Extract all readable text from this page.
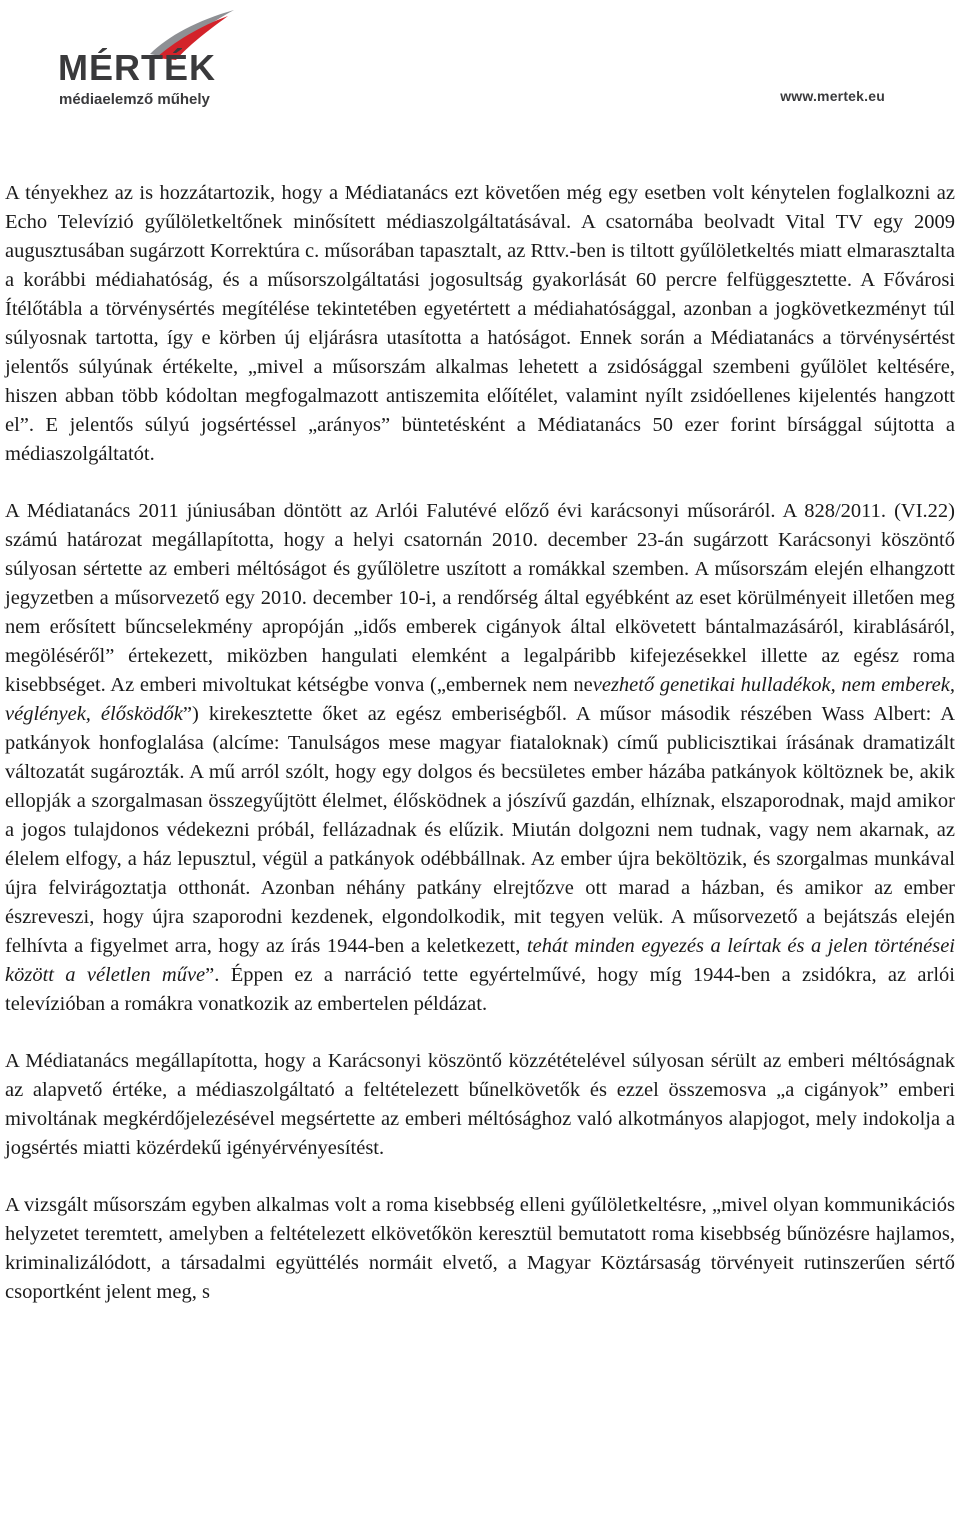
MÉRTÉK
médiaelemző műhely	www.mertek.eu

A tényekhez az is hozzátartozik, hogy a Médiatanács ezt követően még egy esetben volt kénytelen foglalkozni az Echo Televízió gyűlöletkeltőnek minősített médiaszolgáltatásával. A csatornába beolvadt Vital TV egy 2009 augusztusában sugárzott Korrektúra c. műsorában tapasztalt, az Rttv.-ben is tiltott gyűlöletkeltés miatt elmarasztalta a korábbi médiahatóság, és a műsorszolgáltatási jogosultság gyakorlását 60 percre felfüggesztette. A Fővárosi Ítélőtábla a törvénysértés megítélése tekintetében egyetértett a médiahatósággal, azonban a jogkövetkezményt túl súlyosnak tartotta, így e körben új eljárásra utasította a hatóságot. Ennek során a Médiatanács a törvénysértést jelentős súlyúnak értékelte, „mivel a műsorszám alkalmas lehetett a zsidósággal szembeni gyűlölet keltésére, hiszen abban több kódoltan megfogalmazott antiszemita előítélet, valamint nyílt zsidóellenes kijelentés hangzott el”. E jelentős súlyú jogsértéssel „arányos” büntetésként a Médiatanács 50 ezer forint bírsággal sújtotta a médiaszolgáltatót.

A Médiatanács 2011 júniusában döntött az Arlói Falutévé előző évi karácsonyi műsoráról. A 828/2011. (VI.22) számú határozat megállapította, hogy a helyi csatornán 2010. december 23-án sugárzott Karácsonyi köszöntő súlyosan sértette az emberi méltóságot és gyűlöletre uszított a romákkal szemben. A műsorszám elején elhangzott jegyzetben a műsorvezető egy 2010. december 10-i, a rendőrség által egyébként az eset körülményeit illetően meg nem erősített bűncselekmény apropóján „idős emberek cigányok által elkövetett bántalmazásáról, kirablásáról, megöléséről” értekezett, miközben hangulati elemként a legalpáribb kifejezésekkel illette az egész roma kisebbséget. Az emberi mivoltukat kétségbe vonva („embernek nem nevezhető genetikai hulladékok, nem emberek, véglények, élősködők”) kirekesztette őket az egész emberiségből. A műsor második részében Wass Albert: A patkányok honfoglalása (alcíme: Tanulságos mese magyar fiataloknak) című publicisztikai írásának dramatizált változatát sugározták. A mű arról szólt, hogy egy dolgos és becsületes ember házába patkányok költöznek be, akik ellopják a szorgalmasan összegyűjtött élelmet, élősködnek a jószívű gazdán, elhíznak, elszaporodnak, majd amikor a jogos tulajdonos védekezni próbál, fellázadnak és elűzik. Miután dolgozni nem tudnak, vagy nem akarnak, az élelem elfogy, a ház lepusztul, végül a patkányok odébbállnak. Az ember újra beköltözik, és szorgalmas munkával újra felvirágoztatja otthonát. Azonban néhány patkány elrejtőzve ott marad a házban, és amikor az ember észreveszi, hogy újra szaporodni kezdenek, elgondolkodik, mit tegyen velük. A műsorvezető a bejátszás elején felhívta a figyelmet arra, hogy az írás 1944-ben a keletkezett, tehát minden egyezés a leírtak és a jelen történései között a véletlen műve”. Éppen ez a narráció tette egyértelművé, hogy míg 1944-ben a zsidókra, az arlói televízióban a romákra vonatkozik az embertelen példázat.

A Médiatanács megállapította, hogy a Karácsonyi köszöntő közzétételével súlyosan sérült az emberi méltóságnak az alapvető értéke, a médiaszolgáltató a feltételezett bűnelkövetők és ezzel összemosva „a cigányok” emberi mivoltának megkérdőjelezésével megsértette az emberi méltósághoz való alkotmányos alapjogot, mely indokolja a jogsértés miatti közérdekű igényérvényesítést.

A vizsgált műsorszám egyben alkalmas volt a roma kisebbség elleni gyűlöletkeltésre, „mivel olyan kommunikációs helyzetet teremtett, amelyben a feltételezett elkövetőkön keresztül bemutatott roma kisebbség bűnözésre hajlamos, kriminalizálódott, a társadalmi együttélés normáit elvető, a Magyar Köztársaság törvényeit rutinszerűen sértő csoportként jelent meg, s
